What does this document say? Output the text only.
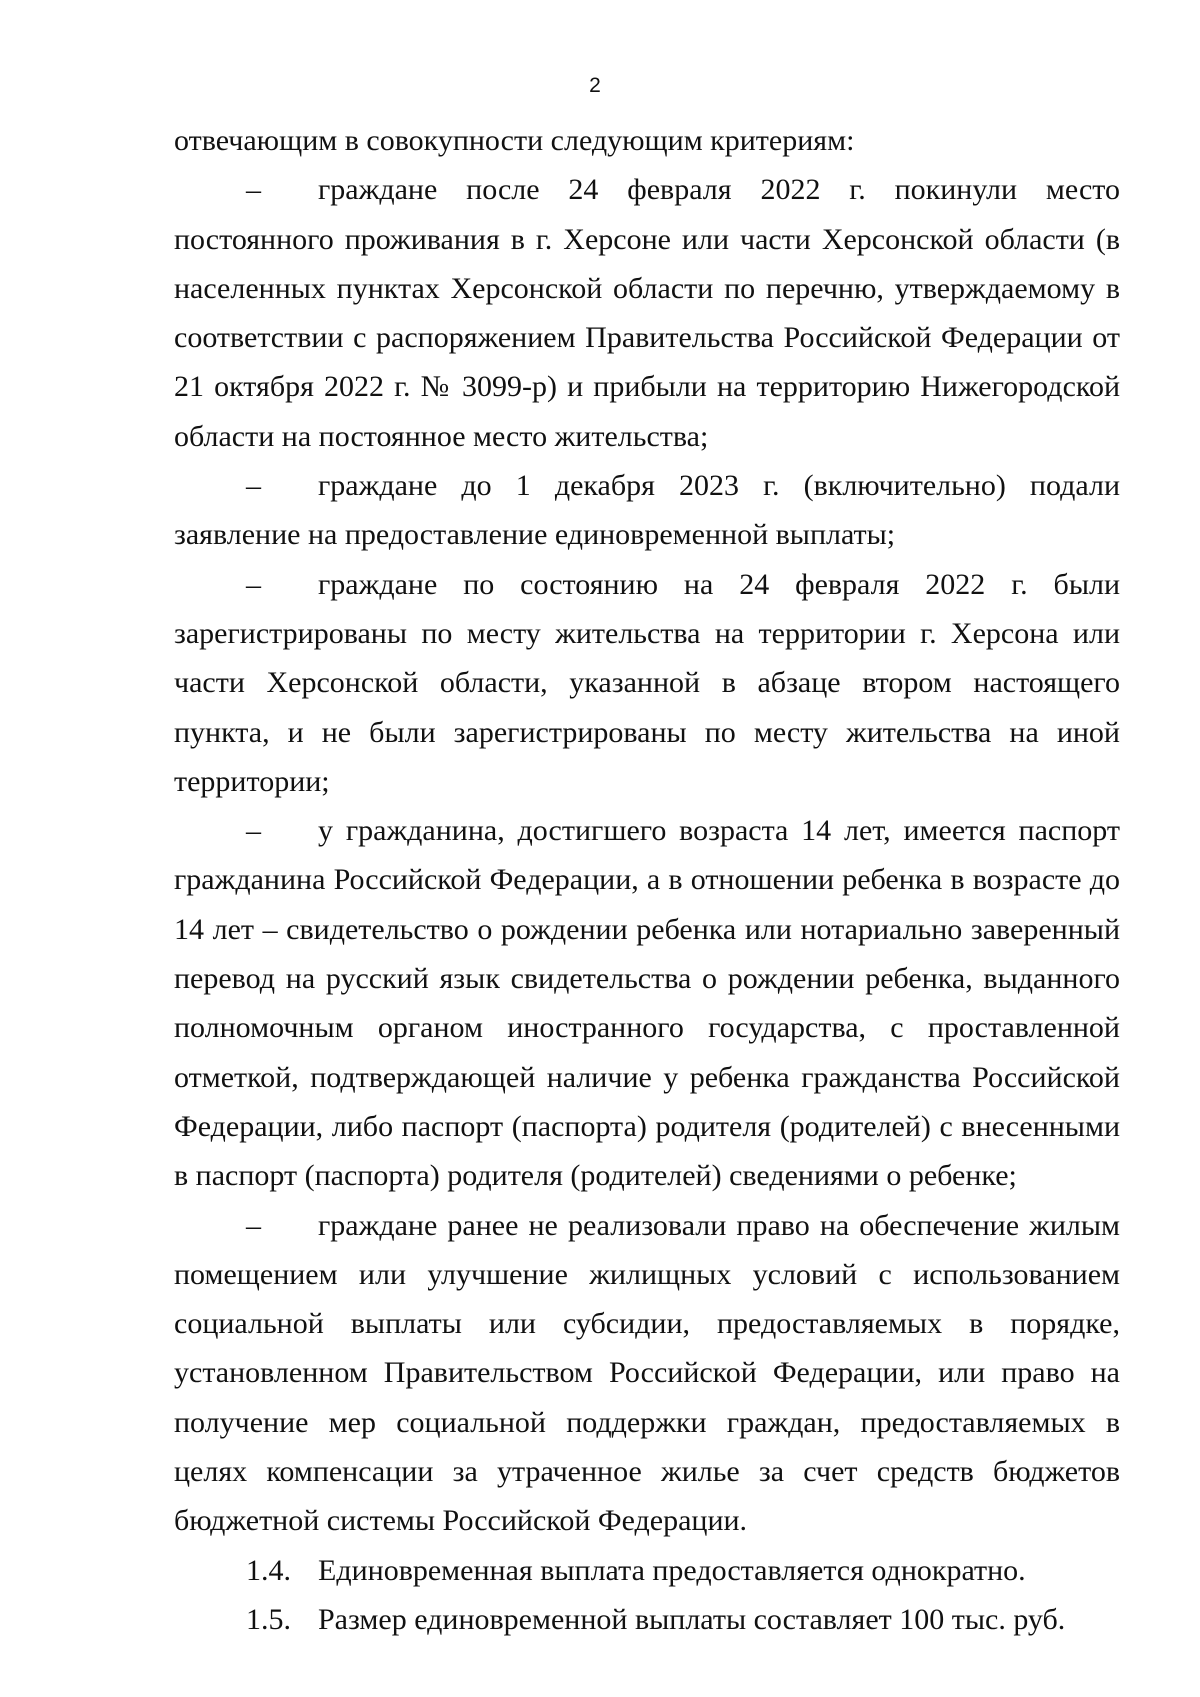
2

отвечающим в совокупности следующим критериям:

– граждане после 24 февраля 2022 г. покинули место постоянного проживания в г. Херсоне или части Херсонской области (в населенных пунктах Херсонской области по перечню, утверждаемому в соответствии с распоряжением Правительства Российской Федерации от 21 октября 2022 г. № 3099-р) и прибыли на территорию Нижегородской области на постоянное место жительства;

– граждане до 1 декабря 2023 г. (включительно) подали заявление на предоставление единовременной выплаты;

– граждане по состоянию на 24 февраля 2022 г. были зарегистрированы по месту жительства на территории г. Херсона или части Херсонской области, указанной в абзаце втором настоящего пункта, и не были зарегистрированы по месту жительства на иной территории;

– у гражданина, достигшего возраста 14 лет, имеется паспорт гражданина Российской Федерации, а в отношении ребенка в возрасте до 14 лет – свидетельство о рождении ребенка или нотариально заверенный перевод на русский язык свидетельства о рождении ребенка, выданного полномочным органом иностранного государства, с проставленной отметкой, подтверждающей наличие у ребенка гражданства Российской Федерации, либо паспорт (паспорта) родителя (родителей) с внесенными в паспорт (паспорта) родителя (родителей) сведениями о ребенке;

– граждане ранее не реализовали право на обеспечение жилым помещением или улучшение жилищных условий с использованием социальной выплаты или субсидии, предоставляемых в порядке, установленном Правительством Российской Федерации, или право на получение мер социальной поддержки граждан, предоставляемых в целях компенсации за утраченное жилье за счет средств бюджетов бюджетной системы Российской Федерации.

1.4. Единовременная выплата предоставляется однократно.

1.5. Размер единовременной выплаты составляет 100 тыс. руб.
